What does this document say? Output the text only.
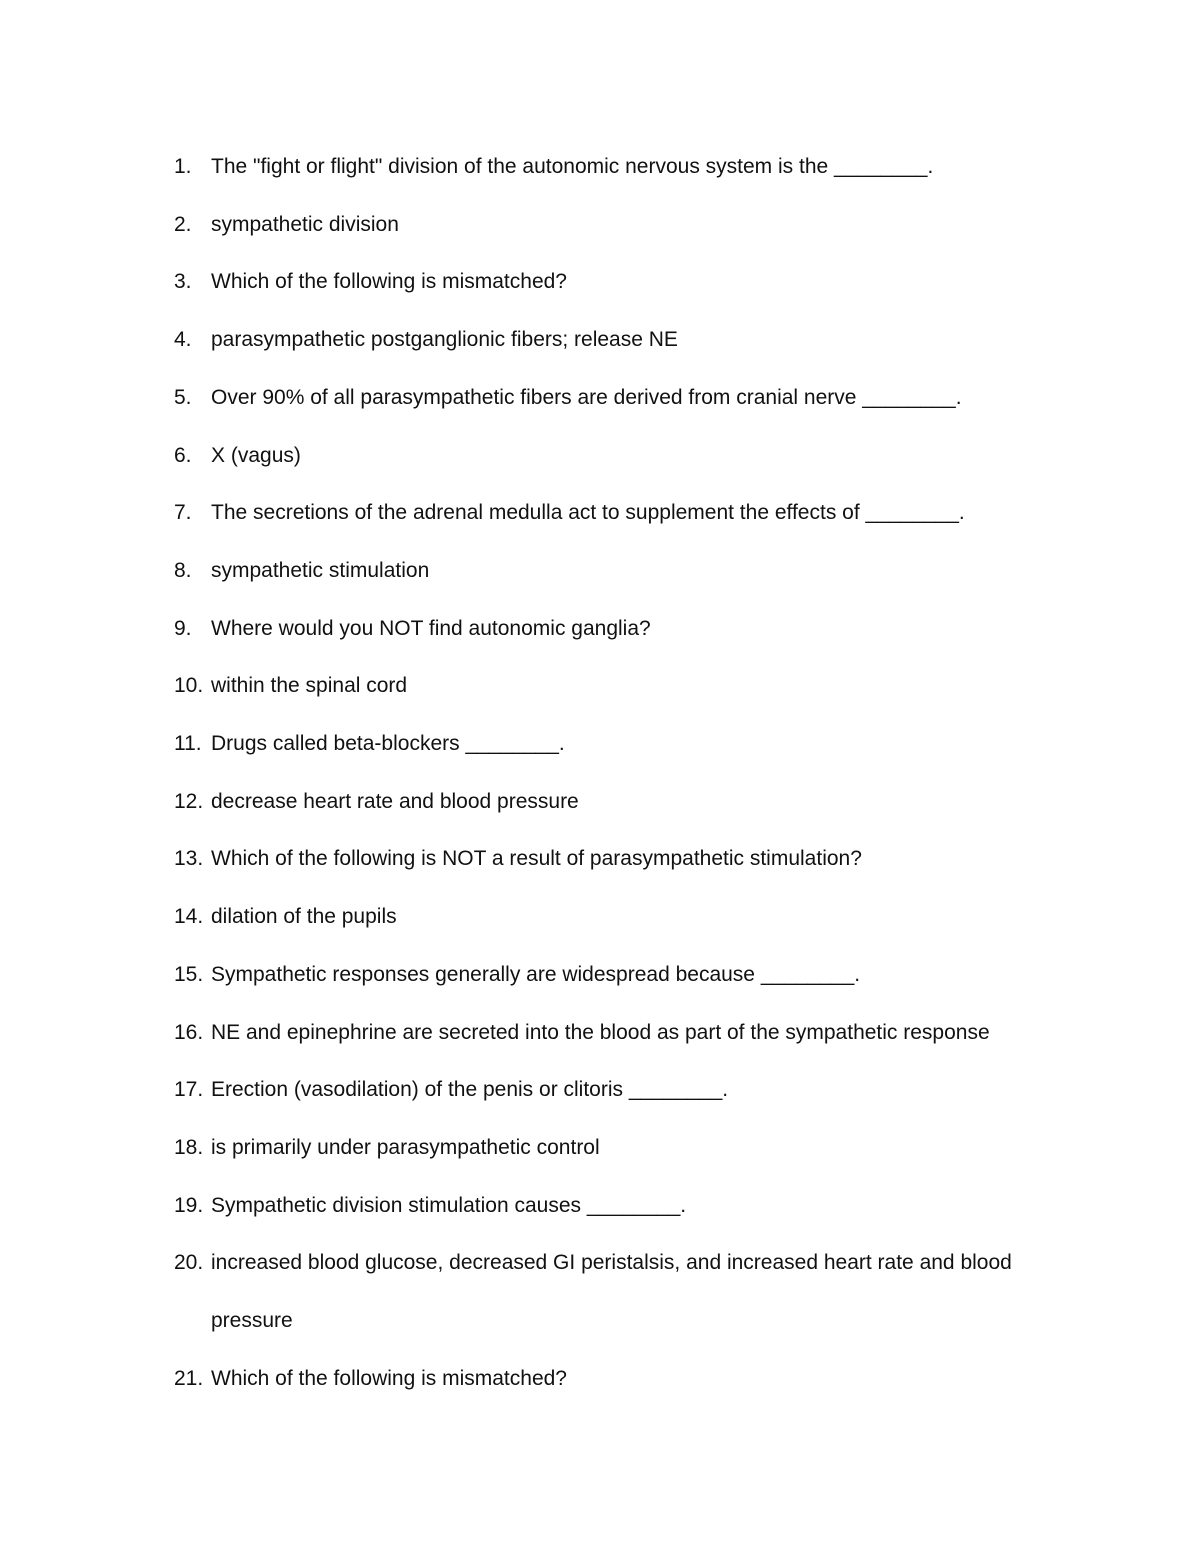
1. The "fight or flight" division of the autonomic nervous system is the ________.
2. sympathetic division
3. Which of the following is mismatched?
4. parasympathetic postganglionic fibers; release NE
5. Over 90% of all parasympathetic fibers are derived from cranial nerve ________.
6. X (vagus)
7. The secretions of the adrenal medulla act to supplement the effects of ________.
8. sympathetic stimulation
9. Where would you NOT find autonomic ganglia?
10. within the spinal cord
11. Drugs called beta-blockers ________.
12. decrease heart rate and blood pressure
13. Which of the following is NOT a result of parasympathetic stimulation?
14. dilation of the pupils
15. Sympathetic responses generally are widespread because ________.
16. NE and epinephrine are secreted into the blood as part of the sympathetic response
17. Erection (vasodilation) of the penis or clitoris ________.
18. is primarily under parasympathetic control
19. Sympathetic division stimulation causes ________.
20. increased blood glucose, decreased GI peristalsis, and increased heart rate and blood pressure
21. Which of the following is mismatched?
